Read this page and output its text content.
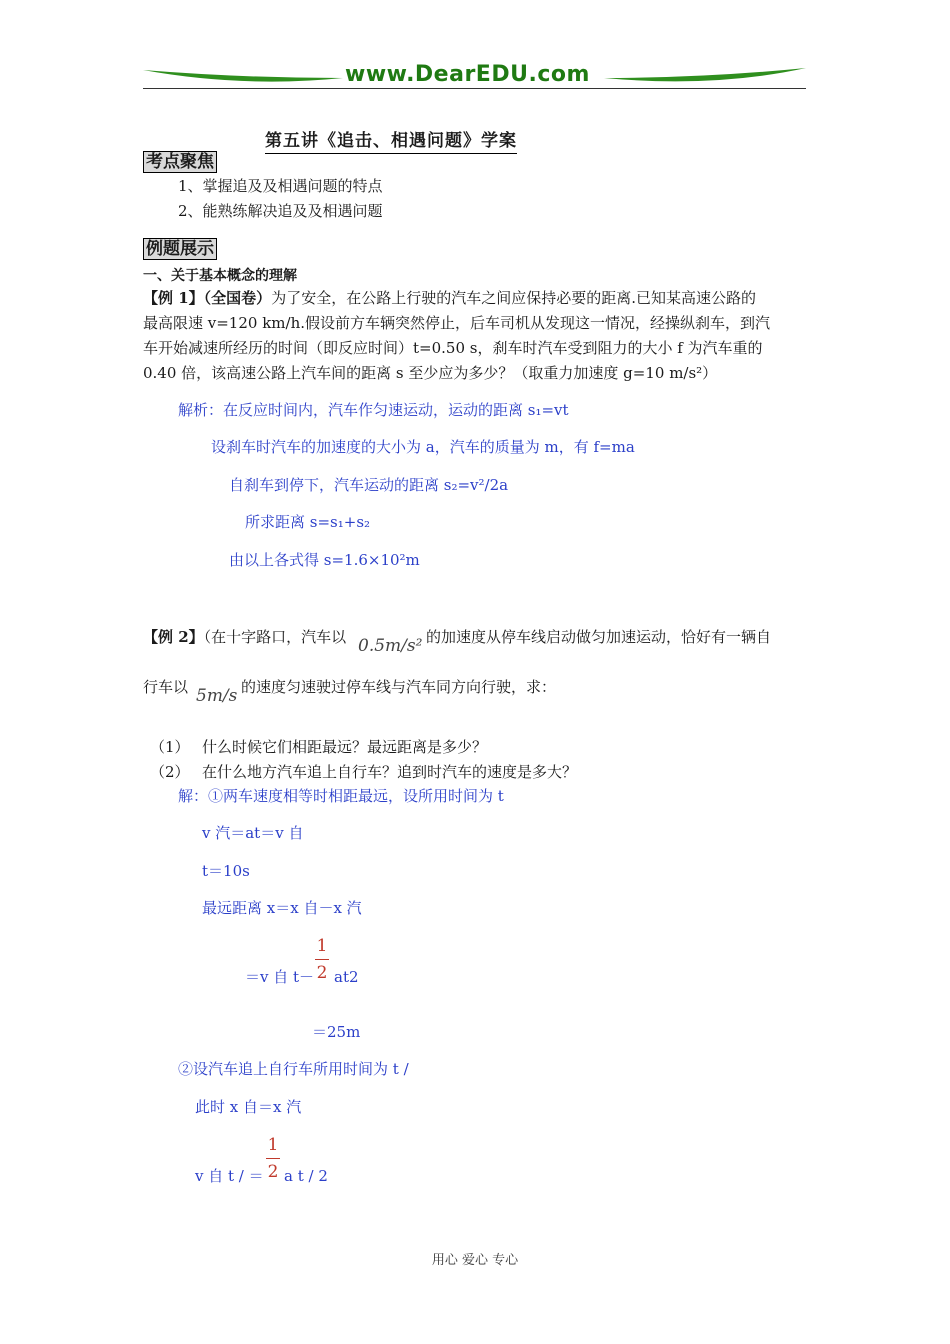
www.DearEDU.com
第五讲《追击、相遇问题》学案
考点聚焦
1、掌握追及及相遇问题的特点
2、能熟练解决追及及相遇问题
例题展示
一、关于基本概念的理解
【例 1】（全国卷）为了安全，在公路上行驶的汽车之间应保持必要的距离.已知某高速公路的
最高限速 v=120 km/h.假设前方车辆突然停止，后车司机从发现这一情况，经操纵刹车，到汽
车开始减速所经历的时间（即反应时间）t=0.50 s，刹车时汽车受到阻力的大小 f 为汽车重的
0.40 倍，该高速公路上汽车间的距离 s 至少应为多少？（取重力加速度 g=10 m/s²）
解析：在反应时间内，汽车作匀速运动，运动的距离 s₁=vt
设刹车时汽车的加速度的大小为 a，汽车的质量为 m，有 f=ma
自刹车到停下，汽车运动的距离 s₂=v²/2a
所求距离 s=s₁+s₂
由以上各式得 s=1.6×10²m
【例 2】（在十字路口，汽车以 0.5m/s² 的加速度从停车线启动做匀加速运动，恰好有一辆自
行车以 5m/s 的速度匀速驶过停车线与汽车同方向行驶，求：
（1） 什么时候它们相距最远？最远距离是多少？
（2） 在什么地方汽车追上自行车？追到时汽车的速度是多大？
解：①两车速度相等时相距最远，设所用时间为 t
v 汽＝at＝v 自
t＝10s
最远距离 x＝x 自－x 汽
＝v 自 t－
1
2 at2
＝25m
②设汽车追上自行车所用时间为 t /
此时 x 自＝x 汽
v 自 t / ＝
1
2 a t / 2
用心 爱心 专心
